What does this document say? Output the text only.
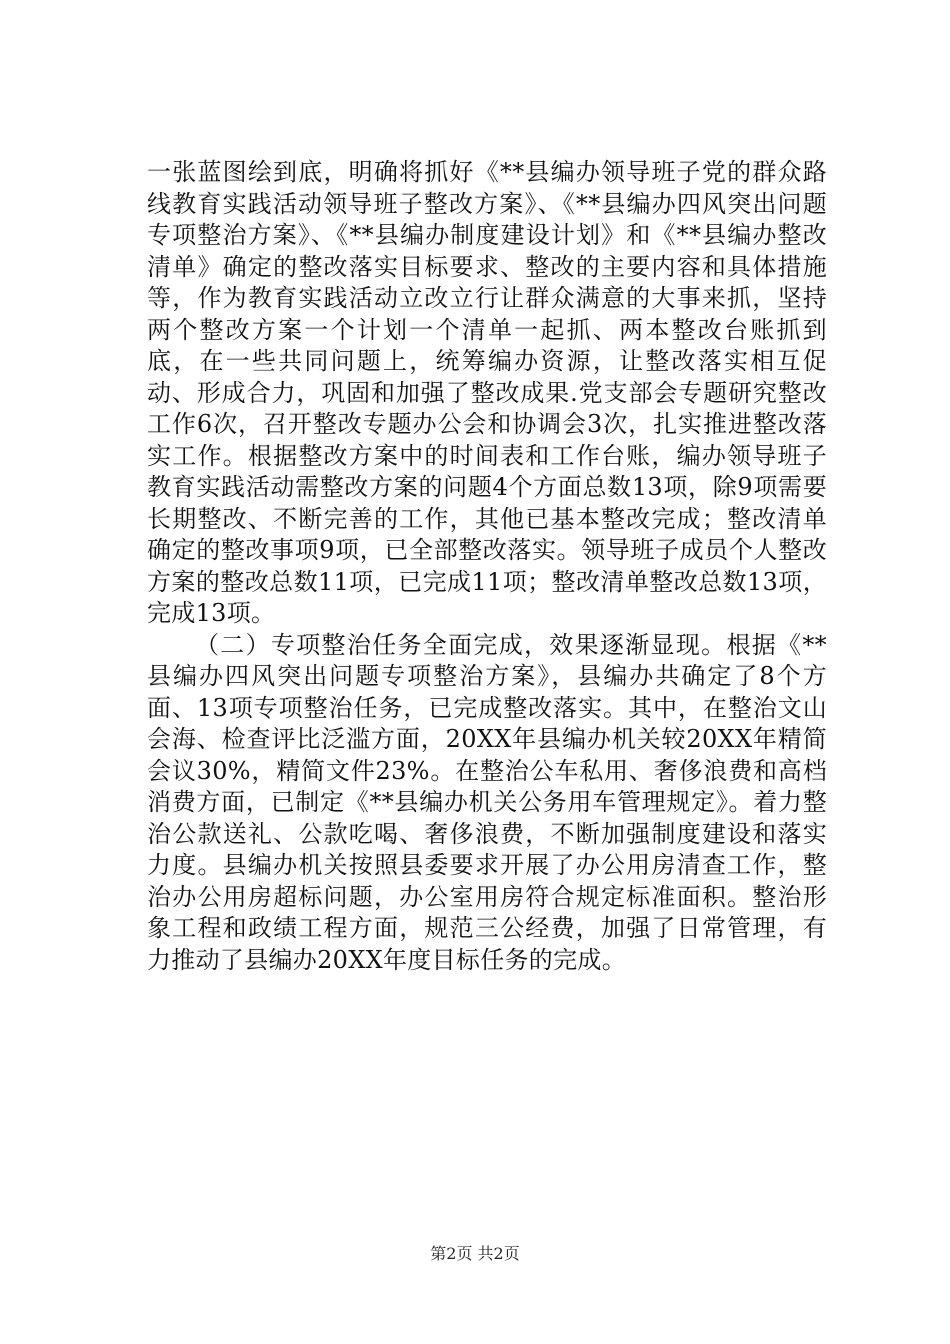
一张蓝图绘到底，明确将抓好《**县编办领导班子党的群众路线教育实践活动领导班子整改方案》、《**县编办四风突出问题专项整治方案》、《**县编办制度建设计划》和《**县编办整改清单》确定的整改落实目标要求、整改的主要内容和具体措施等，作为教育实践活动立改立行让群众满意的大事来抓，坚持两个整改方案一个计划一个清单一起抓、两本整改台账抓到底，在一些共同问题上，统筹编办资源，让整改落实相互促动、形成合力，巩固和加强了整改成果.党支部会专题研究整改工作6次，召开整改专题办公会和协调会3次，扎实推进整改落实工作。根据整改方案中的时间表和工作台账，编办领导班子教育实践活动需整改方案的问题4个方面总数13项，除9项需要长期整改、不断完善的工作，其他已基本整改完成；整改清单确定的整改事项9项，已全部整改落实。领导班子成员个人整改方案的整改总数11项，已完成11项；整改清单整改总数13项，完成13项。

（二）专项整治任务全面完成，效果逐渐显现。根据《**县编办四风突出问题专项整治方案》，县编办共确定了8个方面、13项专项整治任务，已完成整改落实。其中，在整治文山会海、检查评比泛滥方面，20XX年县编办机关较20XX年精简会议30%，精简文件23%。在整治公车私用、奢侈浪费和高档消费方面，已制定《**县编办机关公务用车管理规定》。着力整治公款送礼、公款吃喝、奢侈浪费，不断加强制度建设和落实力度。县编办机关按照县委要求开展了办公用房清查工作，整治办公用房超标问题，办公室用房符合规定标准面积。整治形象工程和政绩工程方面，规范三公经费，加强了日常管理，有力推动了县编办20XX年度目标任务的完成。

第2页 共2页
